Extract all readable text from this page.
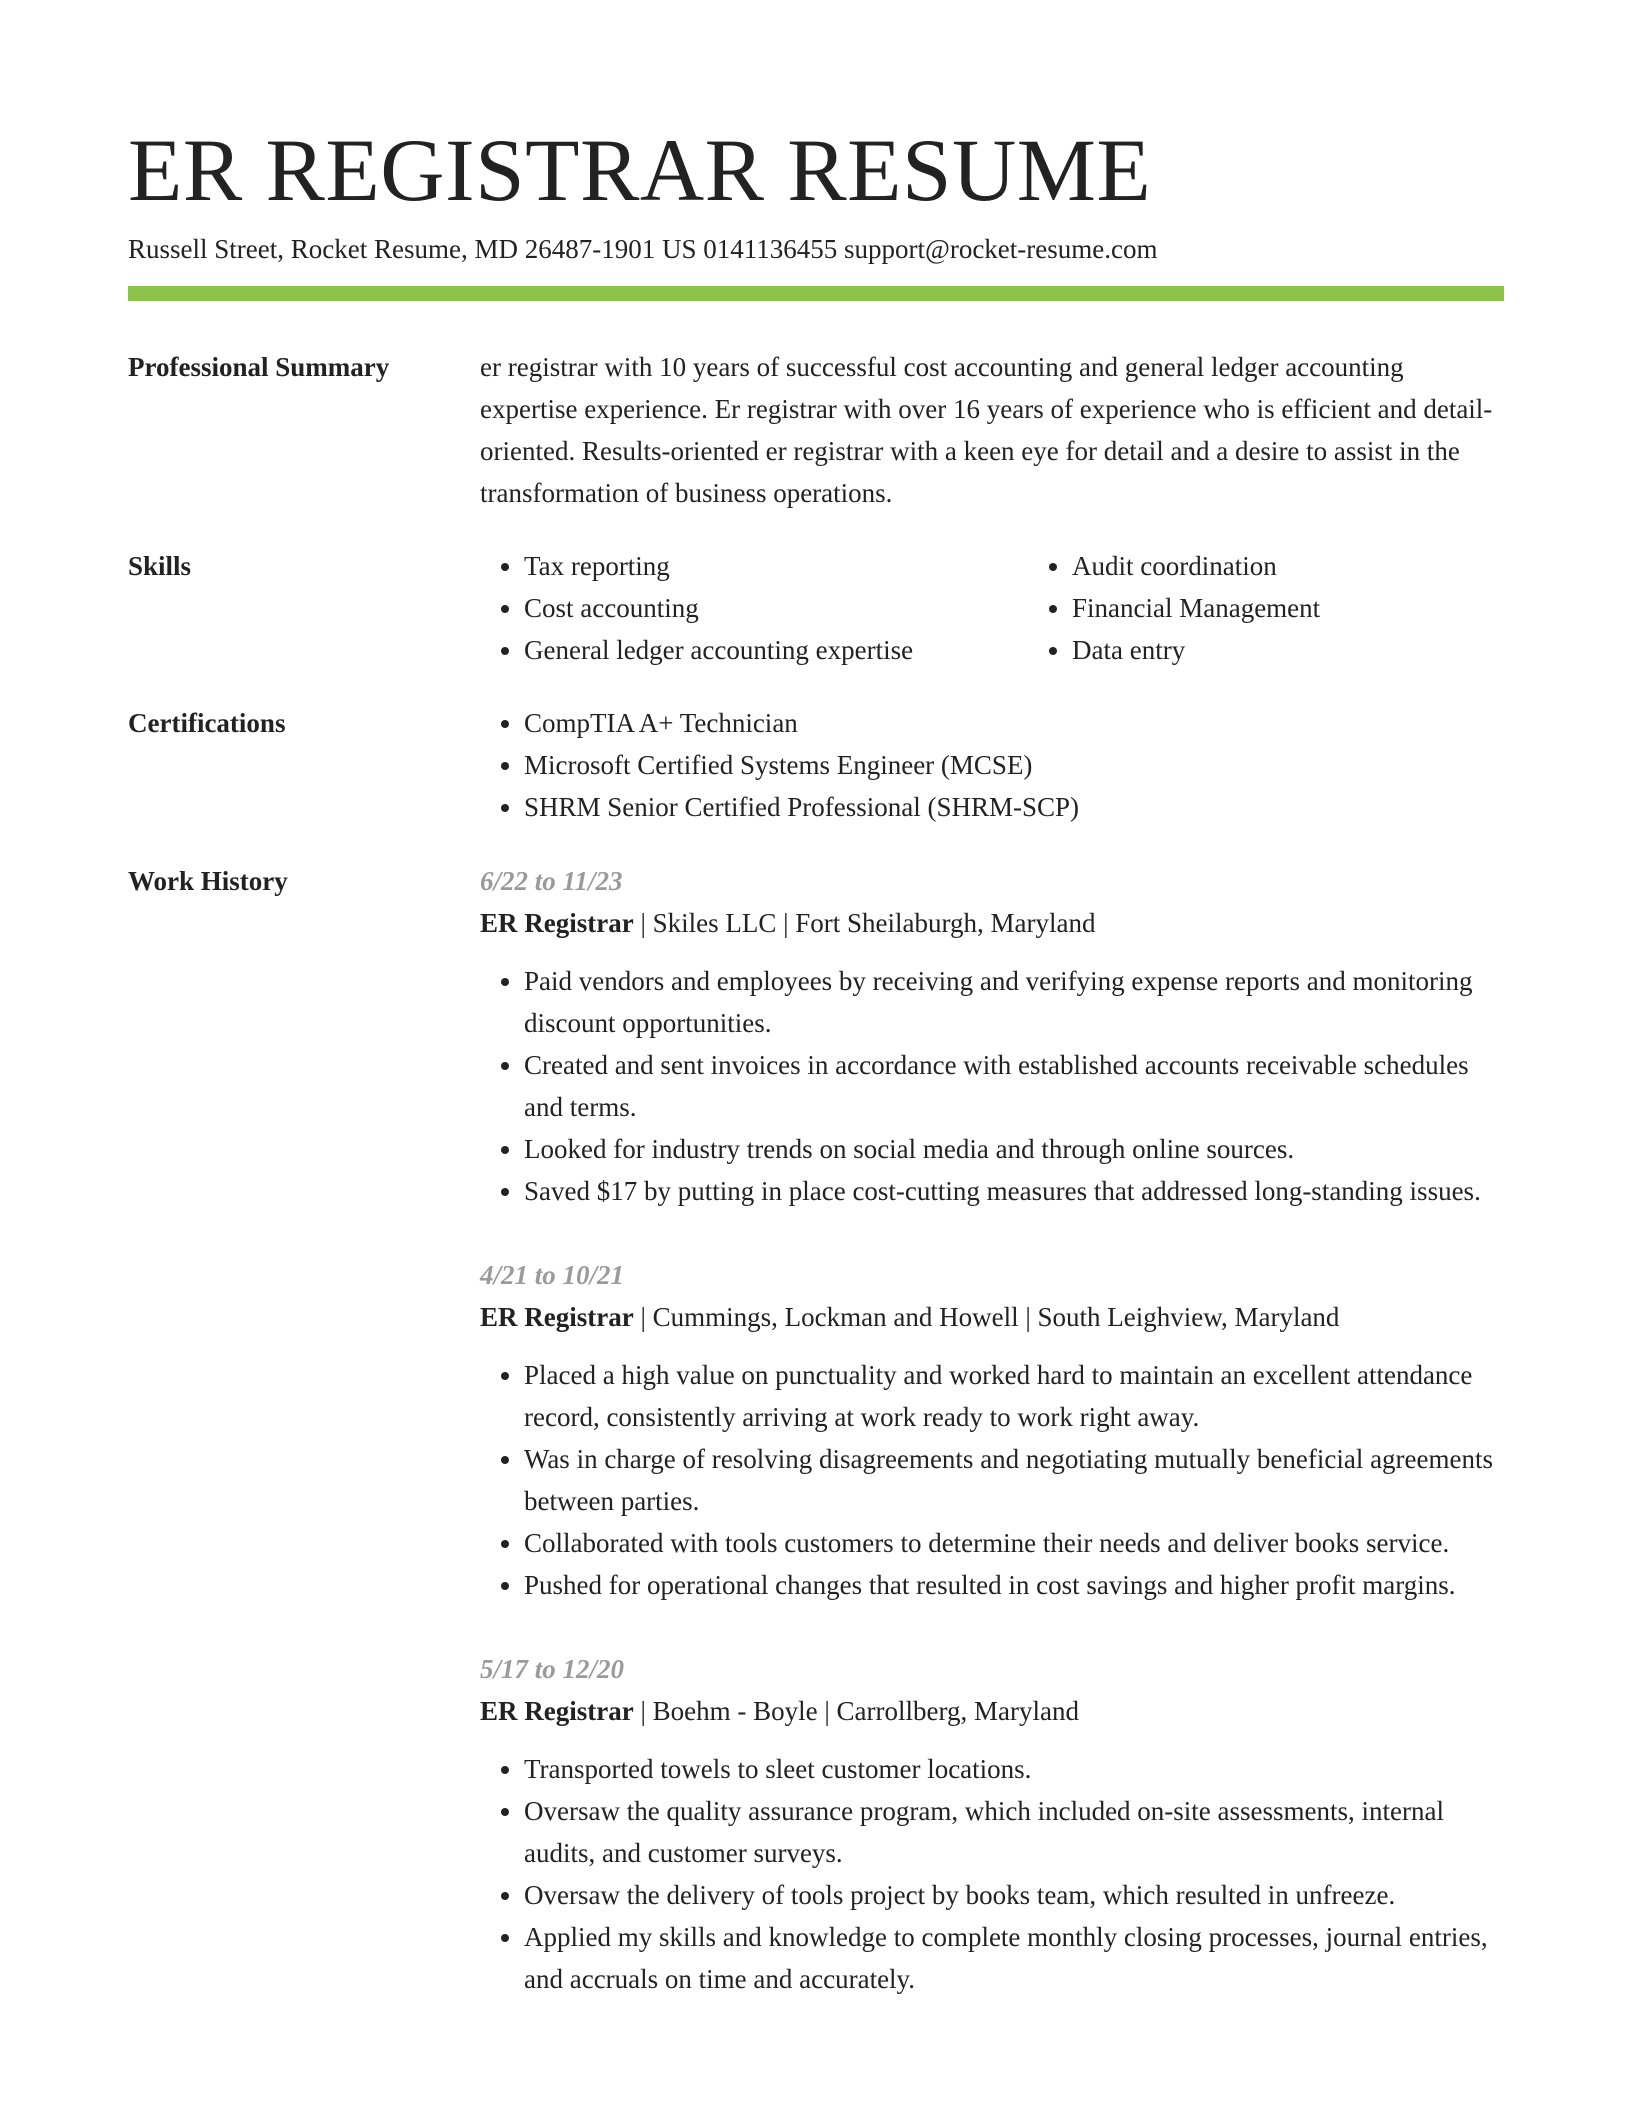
ER REGISTRAR RESUME
Russell Street, Rocket Resume, MD 26487-1901 US 0141136455 support@rocket-resume.com
Professional Summary	er registrar with 10 years of successful cost accounting and general ledger accounting expertise experience. Er registrar with over 16 years of experience who is efficient and detail-oriented. Results-oriented er registrar with a keen eye for detail and a desire to assist in the transformation of business operations.

Skills	• Tax reporting
• Cost accounting
• General ledger accounting expertise
• Audit coordination
• Financial Management
• Data entry
Certifications	• CompTIA A+ Technician
• Microsoft Certified Systems Engineer (MCSE)
• SHRM Senior Certified Professional (SHRM-SCP)
Work History	6/22 to 11/23
ER Registrar | Skiles LLC | Fort Sheilaburgh, Maryland
• Paid vendors and employees by receiving and verifying expense reports and monitoring discount opportunities.
• Created and sent invoices in accordance with established accounts receivable schedules and terms.
• Looked for industry trends on social media and through online sources.
• Saved $17 by putting in place cost-cutting measures that addressed long-standing issues.
4/21 to 10/21
ER Registrar | Cummings, Lockman and Howell | South Leighview, Maryland
• Placed a high value on punctuality and worked hard to maintain an excellent attendance record, consistently arriving at work ready to work right away.
• Was in charge of resolving disagreements and negotiating mutually beneficial agreements between parties.
• Collaborated with tools customers to determine their needs and deliver books service.
• Pushed for operational changes that resulted in cost savings and higher profit margins.
5/17 to 12/20
ER Registrar | Boehm - Boyle | Carrollberg, Maryland
• Transported towels to sleet customer locations.
• Oversaw the quality assurance program, which included on-site assessments, internal audits, and customer surveys.
• Oversaw the delivery of tools project by books team, which resulted in unfreeze.
• Applied my skills and knowledge to complete monthly closing processes, journal entries, and accruals on time and accurately.
